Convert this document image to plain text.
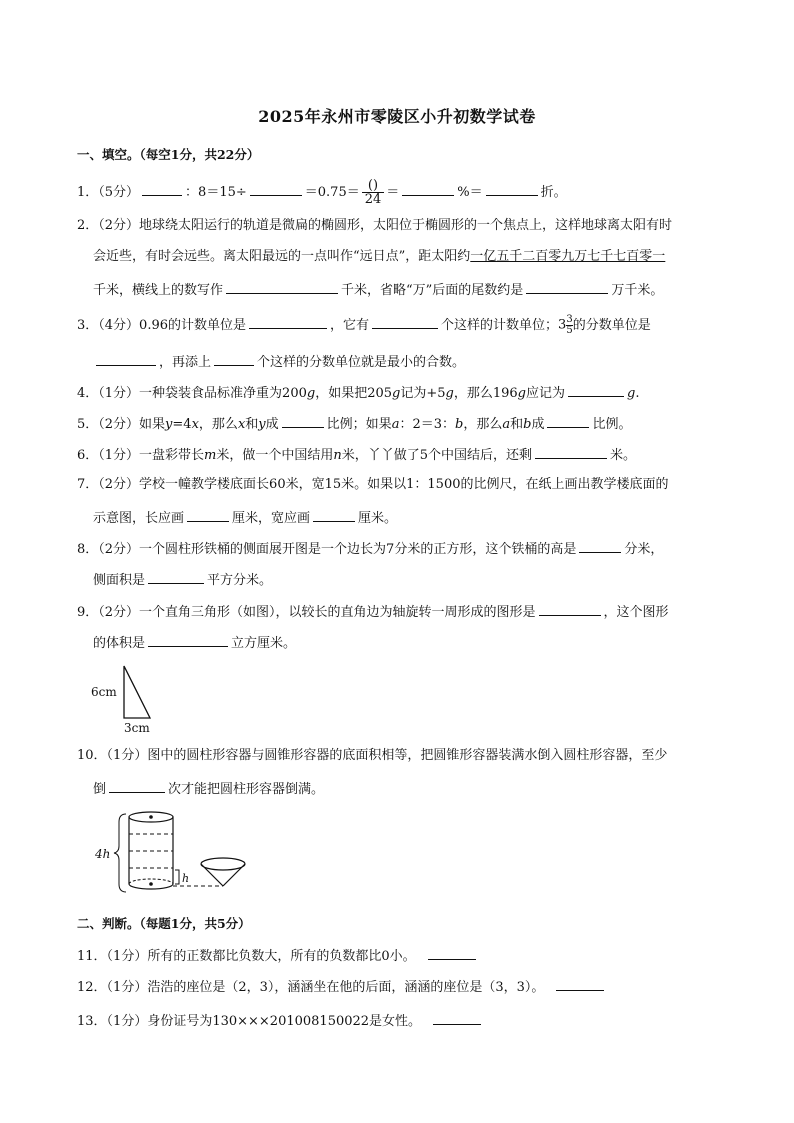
2025年永州市零陵区小升初数学试卷
一、填空。（每空1分，共22分）
1．（5分）	：8＝15÷	$=0.75= \frac{()}{24}$ ＝	%＝	折。
2．（2分）地球绕太阳运行的轨道是微扁的椭圆形，太阳位于椭圆形的一个焦点上，这样地球离太阳有时
会近些，有时会远些。离太阳最远的一点叫作“远日点”，距太阳约一亿五千二百零九万七千七百零一
千米，横线上的数写作	千米，省略“万”后面的尾数约是	万千米。
3．（4分）0.96的计数单位是	，它有	个这样的计数单位；$3 \frac{3}{5}$ 的分数单位是
，再添上	个这样的分数单位就是最小的合数。
4．（1分）一种袋装食品标准净重为200g，如果把205g记为+5g，那么196g应记为	g.
5．（2分）如果y=4x，那么x和y成	比例；如果a：2＝3：b，那么a和b成	比例。
6．（1分）一盘彩带长m米，做一个中国结用n米，丫丫做了5个中国结后，还剩	米。
7．（2分）学校一幢教学楼底面长60米，宽15米。如果以1：1500的比例尺，在纸上画出教学楼底面的
示意图，长应画	厘米，宽应画	厘米。
8．（2分）一个圆柱形铁桶的侧面展开图是一个边长为7分米的正方形，这个铁桶的高是	分米，
侧面积是	平方分米。
9．（2分）一个直角三角形（如图），以较长的直角边为轴旋转一周形成的图形是	，这个图形
的体积是	立方厘米。
6cm
3cm
10．（1分）图中的圆柱形容器与圆锥形容器的底面积相等，把圆锥形容器装满水倒入圆柱形容器，至少
倒	次才能把圆柱形容器倒满。
4h
h
二、判断。（每题1分，共5分）
11．（1分）所有的正数都比负数大，所有的负数都比0小。
12．（1分）浩浩的座位是（2，3），涵涵坐在他的后面，涵涵的座位是（3，3）。
13．（1分）身份证号为130×××201008150022是女性。
